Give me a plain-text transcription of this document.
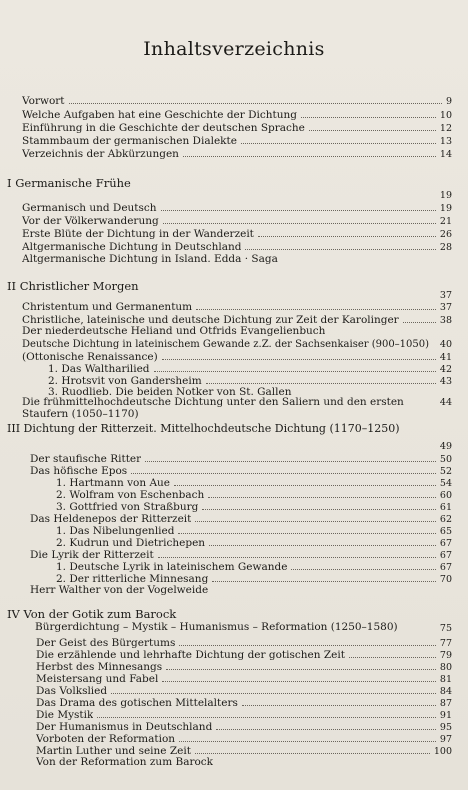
Inhaltsverzeichnis
Vorwort	9
Welche Aufgaben hat eine Geschichte der Dichtung	10
Einführung in die Geschichte der deutschen Sprache	12
Stammbaum der germanischen Dialekte	13
Verzeichnis der Abkürzungen	14
I Germanische Frühe
19
Germanisch und Deutsch	19
Vor der Völkerwanderung	21
Erste Blüte der Dichtung in der Wanderzeit	26
Altgermanische Dichtung in Deutschland	28
Altgermanische Dichtung in Island. Edda · Saga
II Christlicher Morgen
37
Christentum und Germanentum	37
Christliche, lateinische und deutsche Dichtung zur Zeit der Karolinger	38
Der niederdeutsche Heliand und Otfrids Evangelienbuch
Deutsche Dichtung in lateinischem Gewande z.Z. der Sachsenkaiser (900–1050) 40
(Ottonische Renaissance)	41
1. Das Waltharilied	42
2. Hrotsvit von Gandersheim	43
3. Ruodlieb. Die beiden Notker von St. Gallen
Die frühmittelhochdeutsche Dichtung unter den Saliern und den ersten	44
Staufern (1050–1170)
III Dichtung der Ritterzeit. Mittelhochdeutsche Dichtung (1170–1250)
49
Der staufische Ritter	50
Das höfische Epos	52
1. Hartmann von Aue	54
2. Wolfram von Eschenbach	60
3. Gottfried von Straßburg	61
Das Heldenepos der Ritterzeit	62
1. Das Nibelungenlied	65
2. Kudrun und Dietrichepen	67
Die Lyrik der Ritterzeit	67
1. Deutsche Lyrik in lateinischem Gewande	67
2. Der ritterliche Minnesang	70
Herr Walther von der Vogelweide
IV Von der Gotik zum Barock
Bürgerdichtung – Mystik – Humanismus – Reformation (1250–1580)	75
Der Geist des Bürgertums	77
Die erzählende und lehrhafte Dichtung der gotischen Zeit	79
Herbst des Minnesangs	80
Meistersang und Fabel	81
Das Volkslied	84
Das Drama des gotischen Mittelalters	87
Die Mystik	91
Der Humanismus in Deutschland	95
Vorboten der Reformation	97
Martin Luther und seine Zeit	100
Von der Reformation zum Barock
